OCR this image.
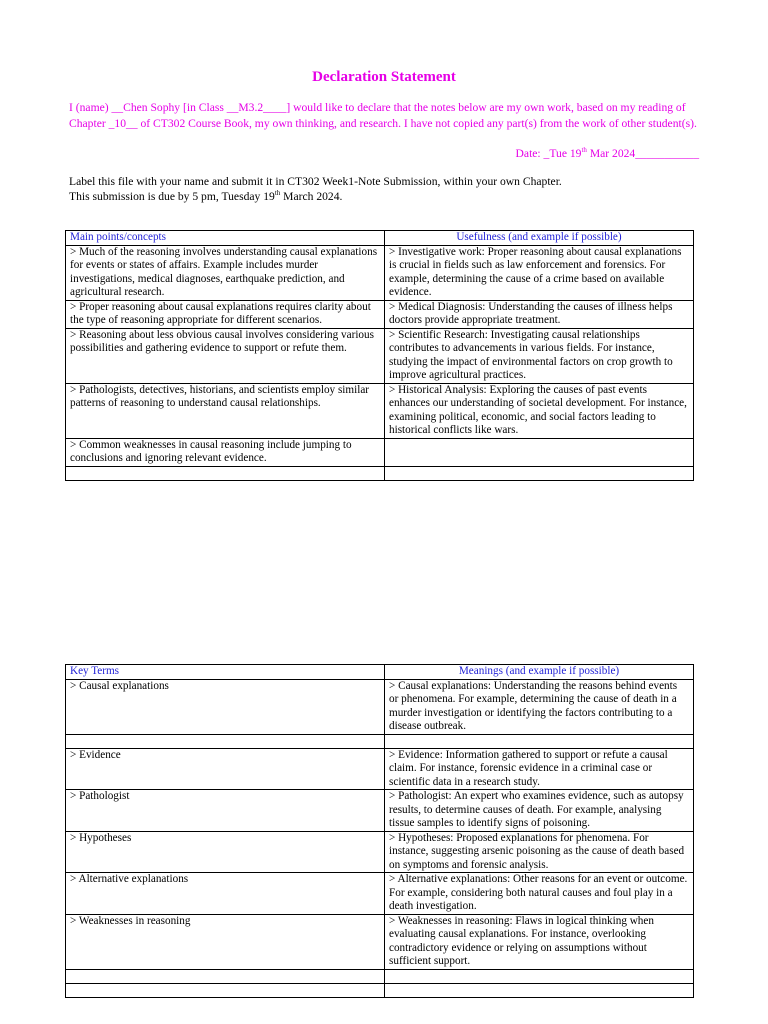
Declaration Statement
I (name) __Chen Sophy [in Class __M3.2____] would like to declare that the notes below are my own work, based on my reading of Chapter _10__ of CT302 Course Book, my own thinking, and research. I have not copied any part(s) from the work of other student(s).
Date: _Tue 19th Mar 2024___________
Label this file with your name and submit it in CT302 Week1-Note Submission, within your own Chapter.
This submission is due by 5 pm, Tuesday 19th March 2024.
Main points/concepts	Usefulness (and example if possible)
> Much of the reasoning involves understanding causal explanations for events or states of affairs. Example includes murder investigations, medical diagnoses, earthquake prediction, and agricultural research.	> Investigative work: Proper reasoning about causal explanations is crucial in fields such as law enforcement and forensics. For example, determining the cause of a crime based on available evidence.
> Proper reasoning about causal explanations requires clarity about the type of reasoning appropriate for different scenarios.	> Medical Diagnosis: Understanding the causes of illness helps doctors provide appropriate treatment.
> Reasoning about less obvious causal involves considering various possibilities and gathering evidence to support or refute them.	> Scientific Research: Investigating causal relationships contributes to advancements in various fields. For instance, studying the impact of environmental factors on crop growth to improve agricultural practices.
> Pathologists, detectives, historians, and scientists employ similar patterns of reasoning to understand causal relationships.	> Historical Analysis: Exploring the causes of past events enhances our understanding of societal development. For instance, examining political, economic, and social factors leading to historical conflicts like wars.
> Common weaknesses in causal reasoning include jumping to conclusions and ignoring relevant evidence.	

Key Terms	Meanings (and example if possible)
> Causal explanations	> Causal explanations: Understanding the reasons behind events or phenomena. For example, determining the cause of death in a murder investigation or identifying the factors contributing to a disease outbreak.

> Evidence	> Evidence: Information gathered to support or refute a causal claim. For instance, forensic evidence in a criminal case or scientific data in a research study.
> Pathologist	> Pathologist: An expert who examines evidence, such as autopsy results, to determine causes of death. For example, analysing tissue samples to identify signs of poisoning.
> Hypotheses	> Hypotheses: Proposed explanations for phenomena. For instance, suggesting arsenic poisoning as the cause of death based on symptoms and forensic analysis.
> Alternative explanations	> Alternative explanations: Other reasons for an event or outcome. For example, considering both natural causes and foul play in a death investigation.
> Weaknesses in reasoning	> Weaknesses in reasoning: Flaws in logical thinking when evaluating causal explanations. For instance, overlooking contradictory evidence or relying on assumptions without sufficient support.
